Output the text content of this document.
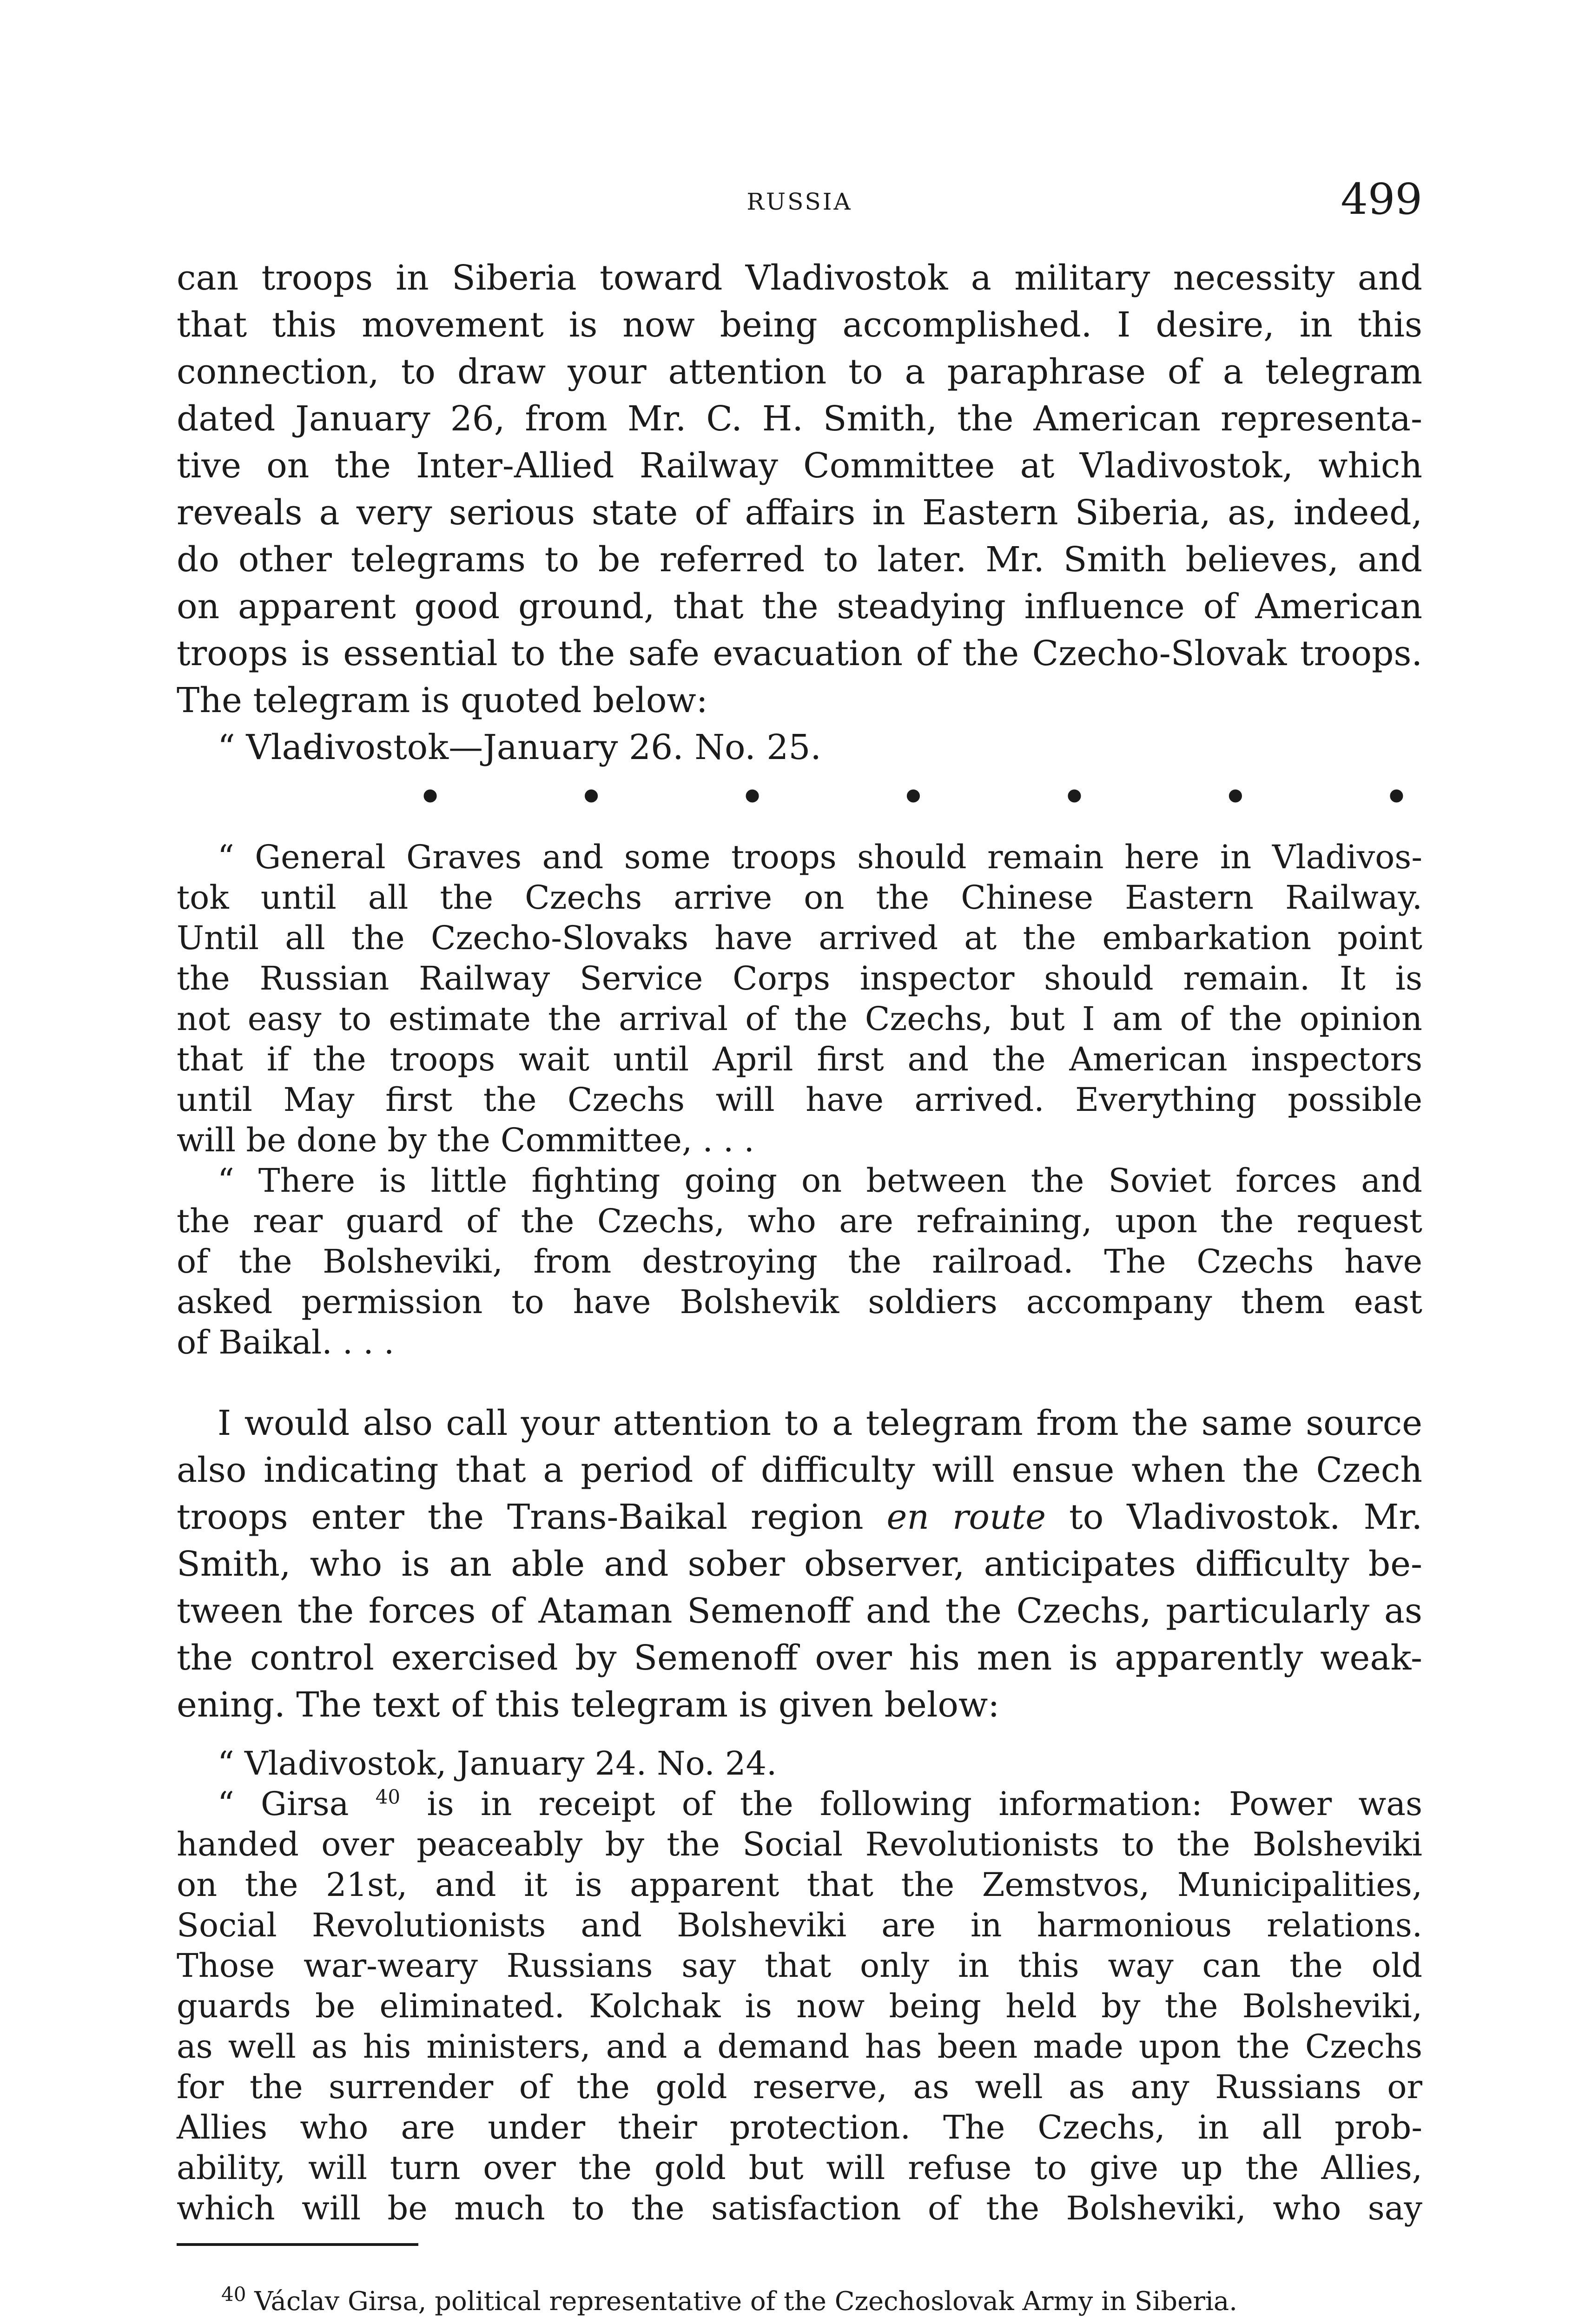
RUSSIA	499

can troops in Siberia toward Vladivostok a military necessity and

that this movement is now being accomplished. I desire, in this

connection, to draw your attention to a paraphrase of a telegram

dated January 26, from Mr. C. H. Smith, the American representa-

tive on the Inter-Allied Railway Committee at Vladivostok, which

reveals a very serious state of affairs in Eastern Siberia, as, indeed,

do other telegrams to be referred to later. Mr. Smith believes, and

on apparent good ground, that the steadying influence of American

troops is essential to the safe evacuation of the Czecho-Slovak troops.

The telegram is quoted below:

“ Vladivostok—January 26. No. 25.

•	•	•	•	•	•	•

“ General Graves and some troops should remain here in Vladivos-

tok until all the Czechs arrive on the Chinese Eastern Railway.

Until all the Czecho-Slovaks have arrived at the embarkation point

the Russian Railway Service Corps inspector should remain. It is

not easy to estimate the arrival of the Czechs, but I am of the opinion

that if the troops wait until April first and the American inspectors

until May first the Czechs will have arrived. Everything possible

will be done by the Committee, . . .

“ There is little fighting going on between the Soviet forces and

the rear guard of the Czechs, who are refraining, upon the request

of the Bolsheviki, from destroying the railroad. The Czechs have

asked permission to have Bolshevik soldiers accompany them east

of Baikal. . . .

I would also call your attention to a telegram from the same source

also indicating that a period of difficulty will ensue when the Czech

troops enter the Trans-Baikal region en route to Vladivostok. Mr.

Smith, who is an able and sober observer, anticipates difficulty be-

tween the forces of Ataman Semenoff and the Czechs, particularly as

the control exercised by Semenoff over his men is apparently weak-

ening. The text of this telegram is given below:

“ Vladivostok, January 24. No. 24.

“ Girsa $^{40}$ is in receipt of the following information: Power was

handed over peaceably by the Social Revolutionists to the Bolsheviki

on the 21st, and it is apparent that the Zemstvos, Municipalities,

Social Revolutionists and Bolsheviki are in harmonious relations.

Those war-weary Russians say that only in this way can the old

guards be eliminated. Kolchak is now being held by the Bolsheviki,

as well as his ministers, and a demand has been made upon the Czechs

for the surrender of the gold reserve, as well as any Russians or

Allies who are under their protection. The Czechs, in all prob-

ability, will turn over the gold but will refuse to give up the Allies,

which will be much to the satisfaction of the Bolsheviki, who say

$^{40}$ Václav Girsa, political representative of the Czechoslovak Army in Siberia.
